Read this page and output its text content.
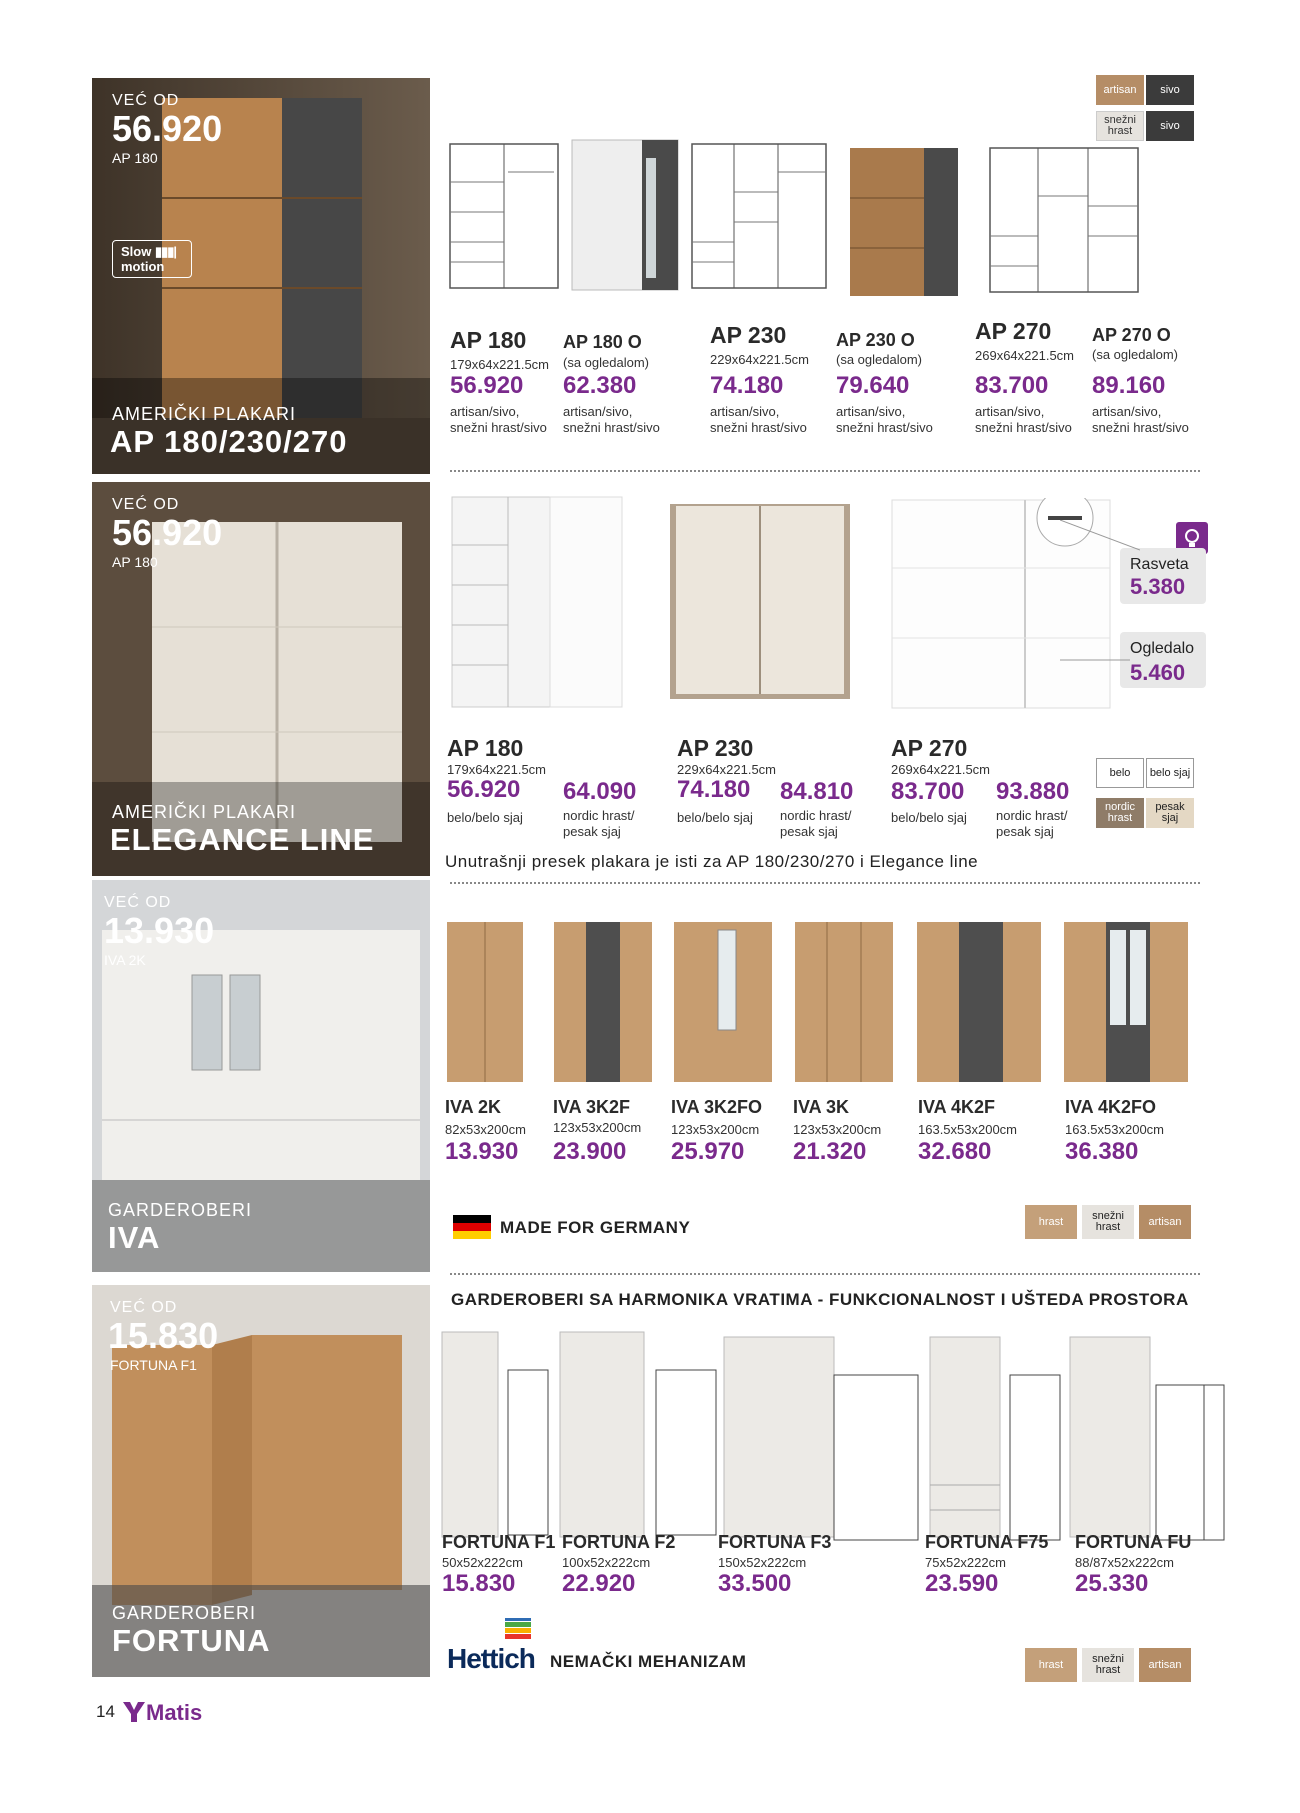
VEĆ OD
56.920
AP 180
Slow ▮▮▮|
motion
AMERIČKI PLAKARI
AP 180/230/270
artisan sivo
snežni hrast	sivo
AP 180
179x64x221.5cm
56.920
artisan/sivo,
snežni hrast/sivo
AP 180 O
(sa ogledalom)
62.380
artisan/sivo,
snežni hrast/sivo
AP 230
229x64x221.5cm
74.180
artisan/sivo,
snežni hrast/sivo
AP 230 O
(sa ogledalom)
79.640
artisan/sivo,
snežni hrast/sivo
AP 270
269x64x221.5cm
83.700
artisan/sivo,
snežni hrast/sivo
AP 270 O
(sa ogledalom)
89.160
artisan/sivo,
snežni hrast/sivo
VEĆ OD
56.920
AP 180
AMERIČKI PLAKARI
ELEGANCE LINE
Rasveta
5.380
Ogledalo
5.460
AP 180
179x64x221.5cm
56.920
belo/belo sjaj
64.090
nordic hrast/
pesak sjaj
AP 230
229x64x221.5cm
74.180
belo/belo sjaj
84.810
nordic hrast/
pesak sjaj
AP 270
269x64x221.5cm
83.700
belo/belo sjaj
93.880
nordic hrast/
pesak sjaj
belo belo sjaj
nordic hrast
pesak sjaj
Unutrašnji presek plakara je isti za AP 180/230/270 i Elegance line
VEĆ OD
13.930
IVA 2K
GARDEROBERI
IVA
IVA 2K
82x53x200cm
13.930
IVA 3K2F
123x53x200cm
23.900
IVA 3K2FO
123x53x200cm
25.970
IVA 3K
123x53x200cm
21.320
IVA 4K2F
163.5x53x200cm
32.680
IVA 4K2FO
163.5x53x200cm
36.380
MADE FOR GERMANY	hrast	snežni hrast	artisan
VEĆ OD
15.830
FORTUNA F1
GARDEROBERI
FORTUNA
GARDEROBERI SA HARMONIKA VRATIMA - FUNKCIONALNOST I UŠTEDA PROSTORA
FORTUNA F1
50x52x222cm
15.830
FORTUNA F2
100x52x222cm
22.920
FORTUNA F3
150x52x222cm
33.500
FORTUNA F75
75x52x222cm
23.590
FORTUNA FU
88/87x52x222cm
25.330
Hettich NEMAČKI MEHANIZAM	hrast	snežni hrast	artisan
14 Matis
